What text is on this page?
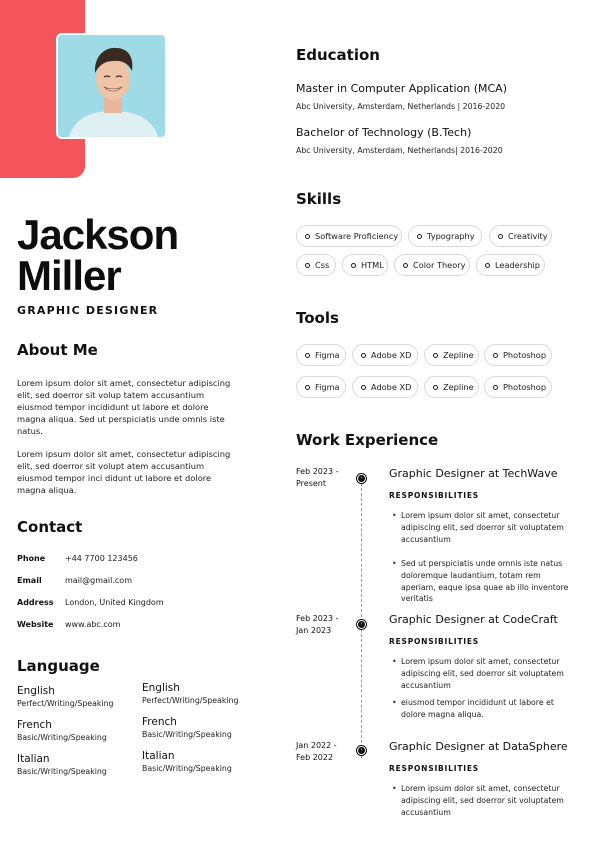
Jackson
Miller
GRAPHIC DESIGNER
About Me
Lorem ipsum dolor sit amet, consectetur adipiscing elit, sed doerror sit volup tatem accusantium eiusmod tempor incididunt ut labore et dolore magna aliqua. Sed ut perspiciatis unde omnis iste natus.
Lorem ipsum dolor sit amet, consectetur adipiscing elit, sed doerror sit volupt atem accusantium eiusmod tempor inci didunt ut labore et dolore magna aliqua.
Contact
Phone	+44 7700 123456
Email	mail@gmail.com
Address	London, United Kingdom
Website	www.abc.com
Language
English
Perfect/Writing/Speaking
French
Basic/Writing/Speaking
Italian
Basic/Writing/Speaking
English
Perfect/Writing/Speaking
French
Basic/Writing/Speaking
Italian
Basic/Writing/Speaking
Education
Master in Computer Application (MCA)
Abc University, Amsterdam, Netherlands | 2016-2020
Bachelor of Technology (B.Tech)
Abc University, Amsterdam, Netherlands| 2016-2020
Skills
Software Proficiency	Typography	Creativity
Css	HTML	Color Theory	Leadership
Tools
Figma	Adobe XD	Zepline	Photoshop
Figma	Adobe XD	Zepline	Photoshop
Work Experience
Feb 2023 -
Present
› Graphic Designer at TechWave
RESPONSIBILITIES
• Lorem ipsum dolor sit amet, consectetur adipiscing elit, sed doerror sit voluptatem accusantium
• Sed ut perspiciatis unde omnis iste natus doloremque laudantium, totam rem aperiam, eaque ipsa quae ab illo inventore veritatis
Feb 2023 -
Jan 2023
› Graphic Designer at CodeCraft
RESPONSIBILITIES
• Lorem ipsum dolor sit amet, consectetur adipiscing elit, sed doerror sit voluptatem accusantium
• eiusmod tempor incididunt ut labore et dolore magna aliqua.
Jan 2022 -
Feb 2022
› Graphic Designer at DataSphere
RESPONSIBILITIES
• Lorem ipsum dolor sit amet, consectetur adipiscing elit, sed doerror sit voluptatem accusantium
